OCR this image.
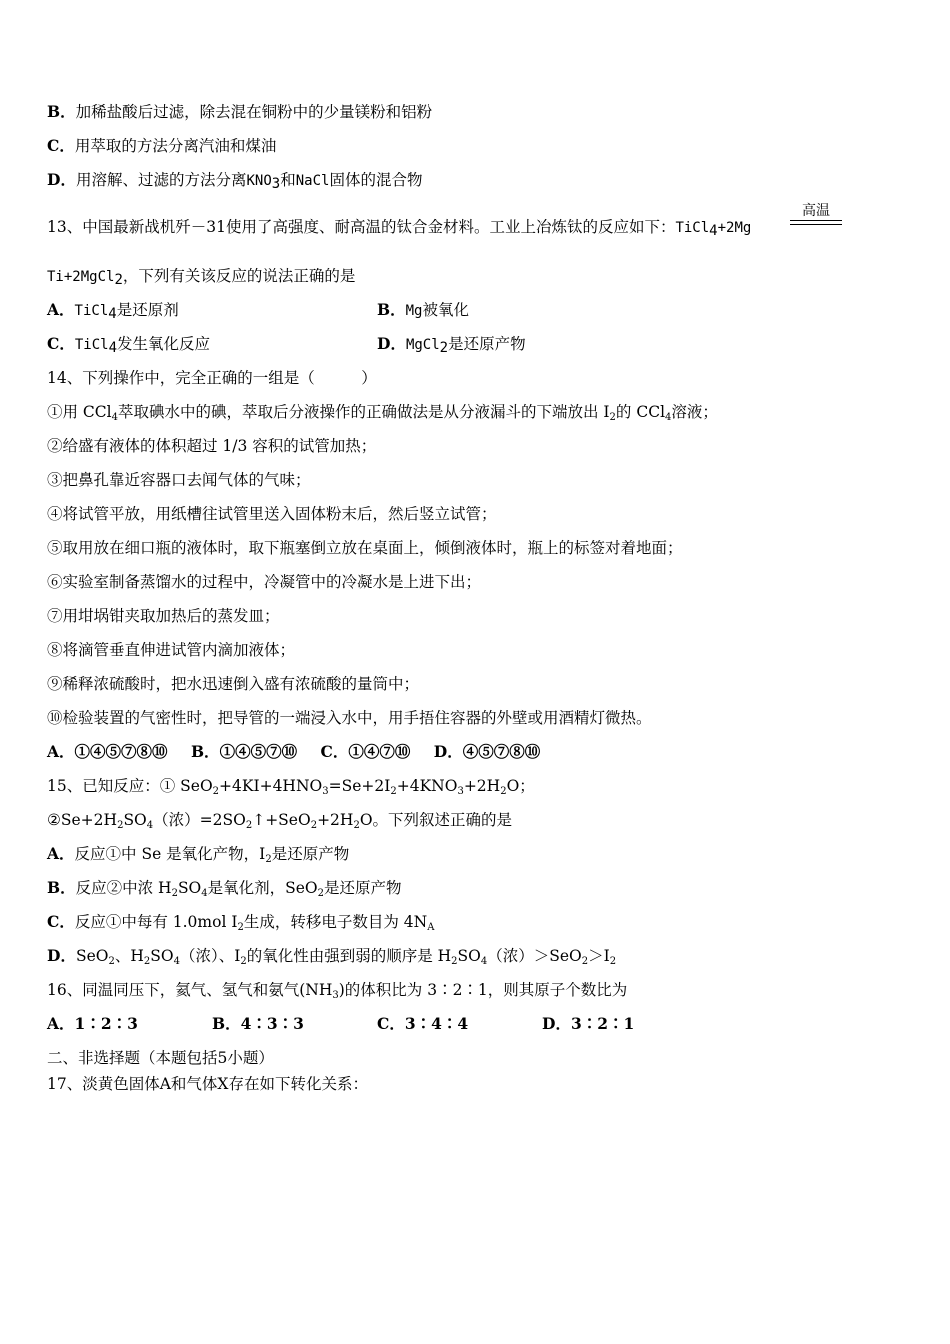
B．加稀盐酸后过滤，除去混在铜粉中的少量镁粉和铝粉
C．用萃取的方法分离汽油和煤油
D．用溶解、过滤的方法分离$KNO_3$和NaCl固体的混合物
13、中国最新战机歼－31使用了高强度、耐高温的钛合金材料。工业上冶炼钛的反应如下：TiCl$_4$+2Mg
高温
Ti+2MgCl$_2$，下列有关该反应的说法正确的是
A．TiCl$_4$是还原剂	B．Mg被氧化
C．TiCl$_4$发生氧化反应	D．MgCl$_2$是还原产物
14、下列操作中，完全正确的一组是（　　　）
①用 CCl$_4$萃取碘水中的碘，萃取后分液操作的正确做法是从分液漏斗的下端放出 $I_2$的 CCl$_4$溶液；
②给盛有液体的体积超过 1/3 容积的试管加热；
③把鼻孔靠近容器口去闻气体的气味；
④将试管平放，用纸槽往试管里送入固体粉末后，然后竖立试管；
⑤取用放在细口瓶的液体时，取下瓶塞倒立放在桌面上，倾倒液体时，瓶上的标签对着地面；
⑥实验室制备蒸馏水的过程中，冷凝管中的冷凝水是上进下出；
⑦用坩埚钳夹取加热后的蒸发皿；
⑧将滴管垂直伸进试管内滴加液体；
⑨稀释浓硫酸时，把水迅速倒入盛有浓硫酸的量筒中；
⑩检验装置的气密性时，把导管的一端浸入水中，用手捂住容器的外壁或用酒精灯微热。
A．①④⑤⑦⑧⑩ B．①④⑤⑦⑩ C．①④⑦⑩ D．④⑤⑦⑧⑩
15、已知反应：① $SeO_2+4KI+4HNO_3=Se+2I_2+4KNO_3+2H_2O$；
$②Se+2H_2SO_4$（浓）$=2SO_2↑+SeO_2+2H_2O$。下列叙述正确的是
A．反应①中 Se 是氧化产物，$I_2$是还原产物
B．反应②中浓 $H_2SO_4$是氧化剂，SeO$_2$是还原产物
C．反应①中每有 1.0mol $I_2$生成，转移电子数目为 $4N_A$
D．SeO$_2$、$H_2SO_4$（浓）、$I_2$的氧化性由强到弱的顺序是 $H_2SO_4$（浓）$>SeO_2>I_2$
16、同温同压下，氦气、氢气和氨气$(NH_3)$的体积比为 3∶2∶1，则其原子个数比为
A．1∶2∶3	B．4∶3∶3	C．3∶4∶4	D．3∶2∶1
二、非选择题（本题包括5小题）
17、淡黄色固体A和气体X存在如下转化关系：
